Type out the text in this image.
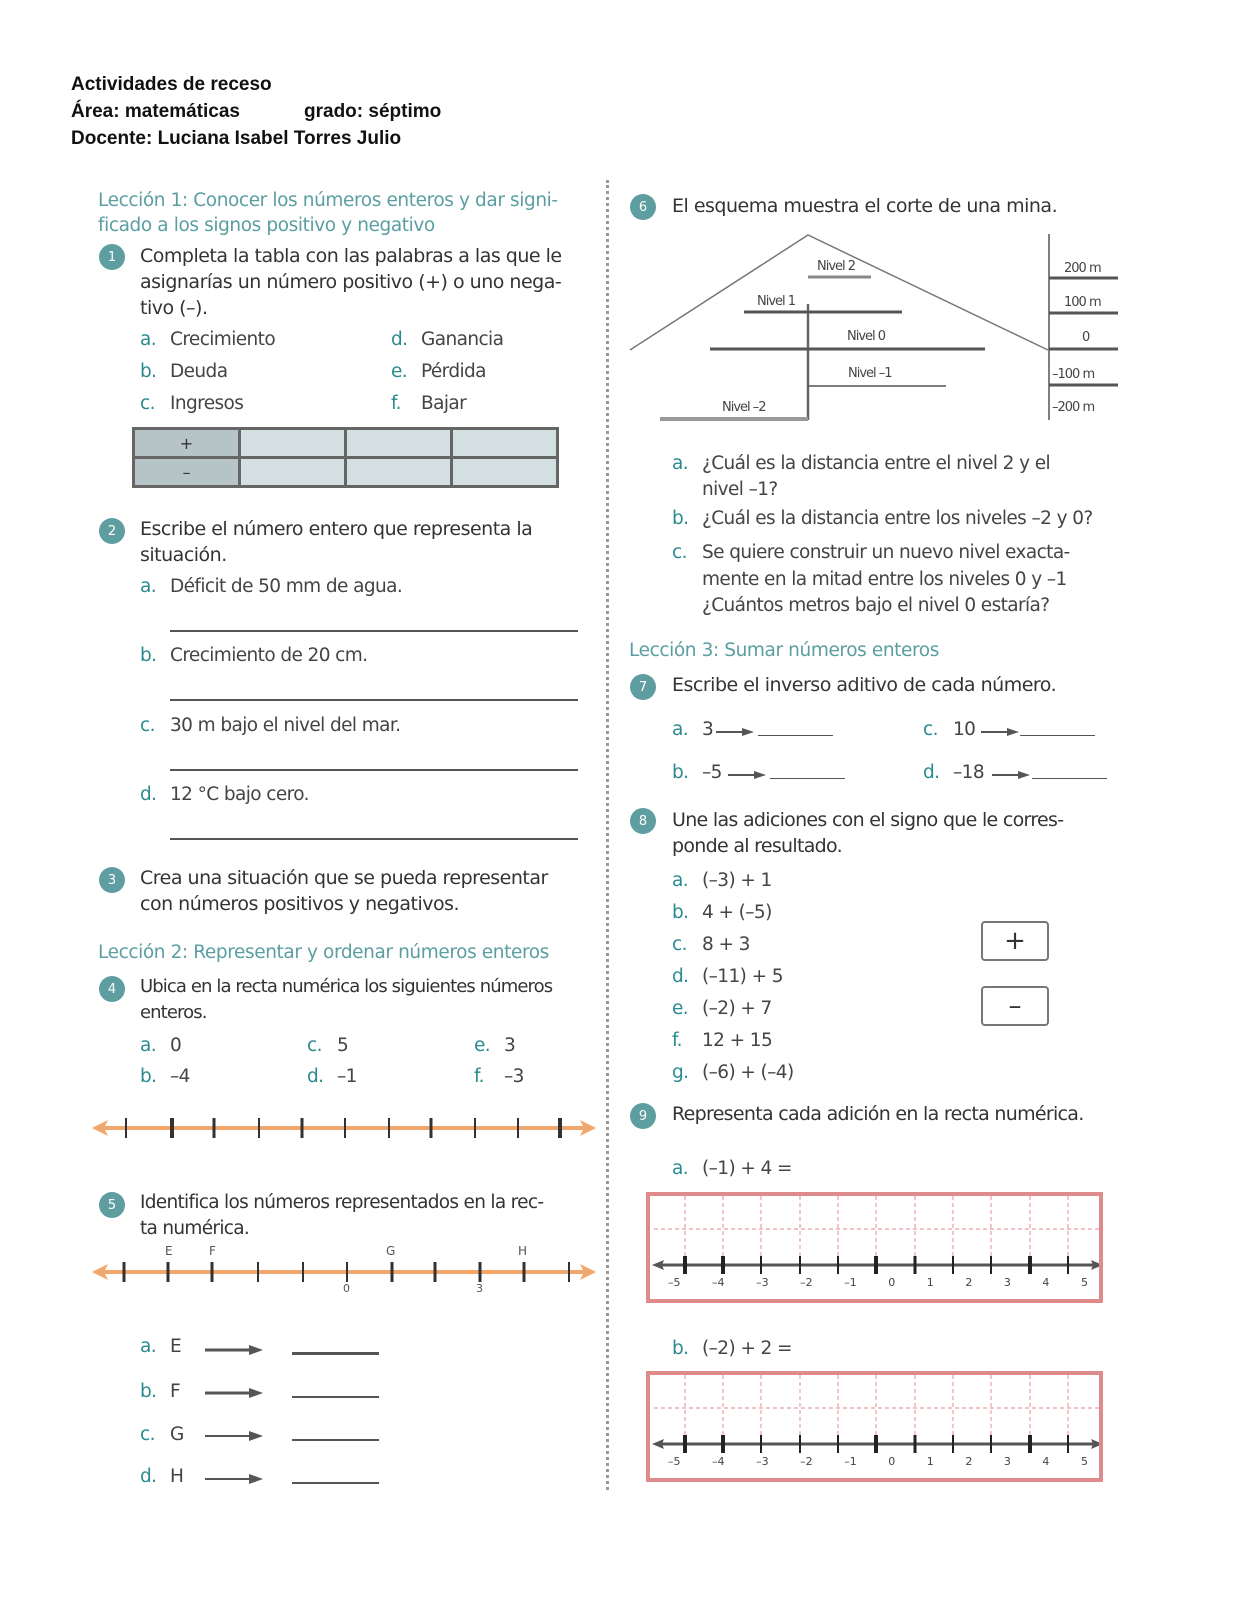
Actividades de receso
Área: matemáticas	grado: séptimo
Docente: Luciana Isabel Torres Julio
Lección 1: Conocer los números enteros y dar signi-
ficado a los signos positivo y negativo
1	Completa la tabla con las palabras a las que le
asignarías un número positivo (+) o uno nega-
tivo (–).
a. Crecimiento
b. Deuda
c. Ingresos
d. Ganancia
e. Pérdida
f. Bajar
+			
–			
2	Escribe el número entero que representa la
situación.
a. Déficit de 50 mm de agua.
b. Crecimiento de 20 cm.
c. 30 m bajo el nivel del mar.
d. 12 °C bajo cero.
3	Crea una situación que se pueda representar
con números positivos y negativos.
Lección 2: Representar y ordenar números enteros
4	Ubica en la recta numérica los siguientes números
enteros.
a. 0
b. –4
c. 5
d. –1
e. 3
f. –3
5	Identifica los números representados en la rec-
ta numérica.
E	F	G	H
0	3
a. E
b. F
c. G
d. H
6	El esquema muestra el corte de una mina.
Nivel 2
Nivel 1
Nivel 0
Nivel –1
Nivel –2
200 m
100 m
0
–100 m
–200 m
a. ¿Cuál es la distancia entre el nivel 2 y el
nivel –1?
b. ¿Cuál es la distancia entre los niveles –2 y 0?
c. Se quiere construir un nuevo nivel exacta-
mente en la mitad entre los niveles 0 y –1
¿Cuántos metros bajo el nivel 0 estaría?
Lección 3: Sumar números enteros
7	Escribe el inverso aditivo de cada número.
a. 3
b. –5
c. 10
d. –18
8	Une las adiciones con el signo que le corres-
ponde al resultado.
a. (–3) + 1
b. 4 + (–5)
c. 8 + 3
d. (–11) + 5
e. (–2) + 7
f. 12 + 15
g. (–6) + (–4)
+
–
9	Representa cada adición en la recta numérica.
a. (–1) + 4 =
–5	–4	–3	–2	–1	0	1	2	3	4	5
b. (–2) + 2 =
–5	–4	–3	–2	–1	0	1	2	3	4	5
